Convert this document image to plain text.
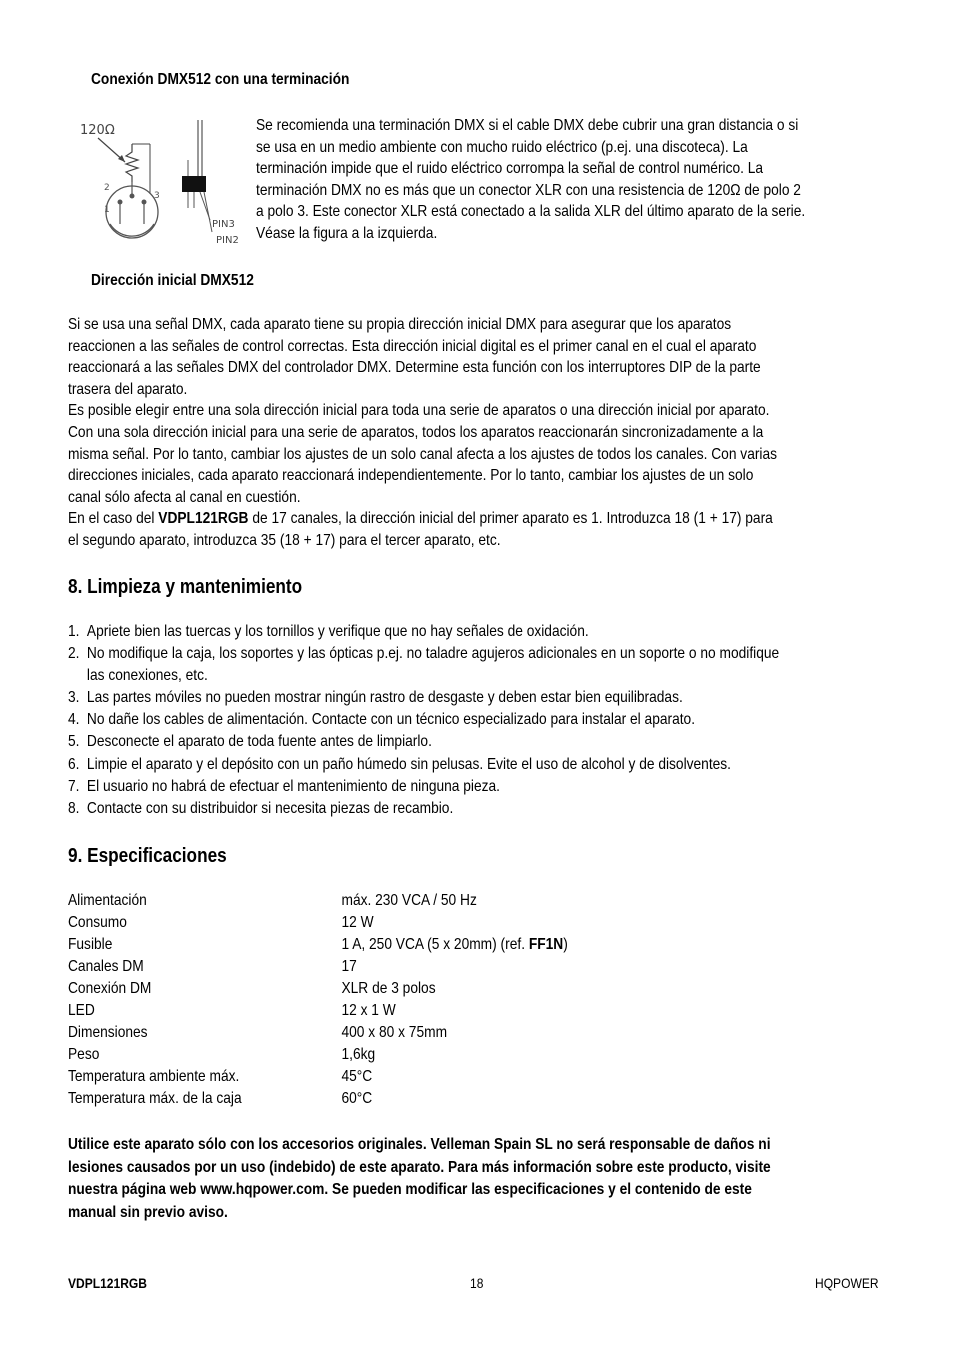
Conexión DMX512 con una terminación
120Ω
2
1
3
PIN3
PIN2
Se recomienda una terminación DMX si el cable DMX debe cubrir una gran distancia o si
se usa en un medio ambiente con mucho ruido eléctrico (p.ej. una discoteca). La
terminación impide que el ruido eléctrico corrompa la señal de control numérico. La
terminación DMX no es más que un conector XLR con una resistencia de 120Ω de polo 2
a polo 3. Este conector XLR está conectado a la salida XLR del último aparato de la serie.
Véase la figura a la izquierda.
Dirección inicial DMX512
Si se usa una señal DMX, cada aparato tiene su propia dirección inicial DMX para asegurar que los aparatos
reaccionen a las señales de control correctas. Esta dirección inicial digital es el primer canal en el cual el aparato
reaccionará a las señales DMX del controlador DMX. Determine esta función con los interruptores DIP de la parte
trasera del aparato.
Es posible elegir entre una sola dirección inicial para toda una serie de aparatos o una dirección inicial por aparato.
Con una sola dirección inicial para una serie de aparatos, todos los aparatos reaccionarán sincronizadamente a la
misma señal. Por lo tanto, cambiar los ajustes de un solo canal afecta a los ajustes de todos los canales. Con varias
direcciones iniciales, cada aparato reaccionará independientemente. Por lo tanto, cambiar los ajustes de un solo
canal sólo afecta al canal en cuestión.
En el caso del VDPL121RGB de 17 canales, la dirección inicial del primer aparato es 1. Introduzca 18 (1 + 17) para
el segundo aparato, introduzca 35 (18 + 17) para el tercer aparato, etc.
8. Limpieza y mantenimiento
1. Apriete bien las tuercas y los tornillos y verifique que no hay señales de oxidación.
2. No modifique la caja, los soportes y las ópticas p.ej. no taladre agujeros adicionales en un soporte o no modifique
las conexiones, etc.
3. Las partes móviles no pueden mostrar ningún rastro de desgaste y deben estar bien equilibradas.
4. No dañe los cables de alimentación. Contacte con un técnico especializado para instalar el aparato.
5. Desconecte el aparato de toda fuente antes de limpiarlo.
6. Limpie el aparato y el depósito con un paño húmedo sin pelusas. Evite el uso de alcohol y de disolventes.
7. El usuario no habrá de efectuar el mantenimiento de ninguna pieza.
8. Contacte con su distribuidor si necesita piezas de recambio.
9. Especificaciones
Alimentación	máx. 230 VCA / 50 Hz
Consumo	12 W
Fusible	1 A, 250 VCA (5 x 20mm) (ref. FF1N)
Canales DM	17
Conexión DM	XLR de 3 polos
LED	12 x 1 W
Dimensiones	400 x 80 x 75mm
Peso	1,6kg
Temperatura ambiente máx.	45°C
Temperatura máx. de la caja	60°C
Utilice este aparato sólo con los accesorios originales. Velleman Spain SL no será responsable de daños ni
lesiones causados por un uso (indebido) de este aparato. Para más información sobre este producto, visite
nuestra página web www.hqpower.com. Se pueden modificar las especificaciones y el contenido de este
manual sin previo aviso.
VDPL121RGB	18	HQPOWER
